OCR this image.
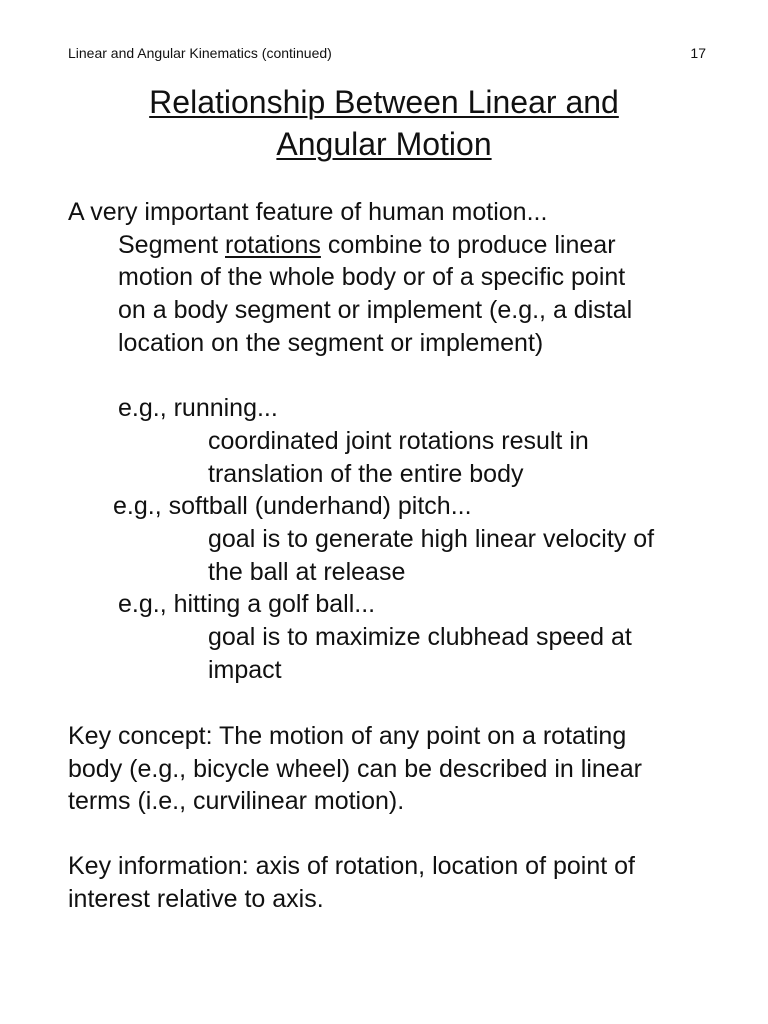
Linear and Angular Kinematics (continued)	17
Relationship Between Linear and
Angular Motion
A very important feature of human motion...
Segment rotations combine to produce linear
motion of the whole body or of a specific point
on a body segment or implement (e.g., a distal
location on the segment or implement)
e.g., running...
coordinated joint rotations result in
translation of the entire body
e.g., softball (underhand) pitch...
goal is to generate high linear velocity of
the ball at release
e.g., hitting a golf ball...
goal is to maximize clubhead speed at
impact
Key concept: The motion of any point on a rotating
body (e.g., bicycle wheel) can be described in linear
terms (i.e., curvilinear motion).
Key information: axis of rotation, location of point of
interest relative to axis.
